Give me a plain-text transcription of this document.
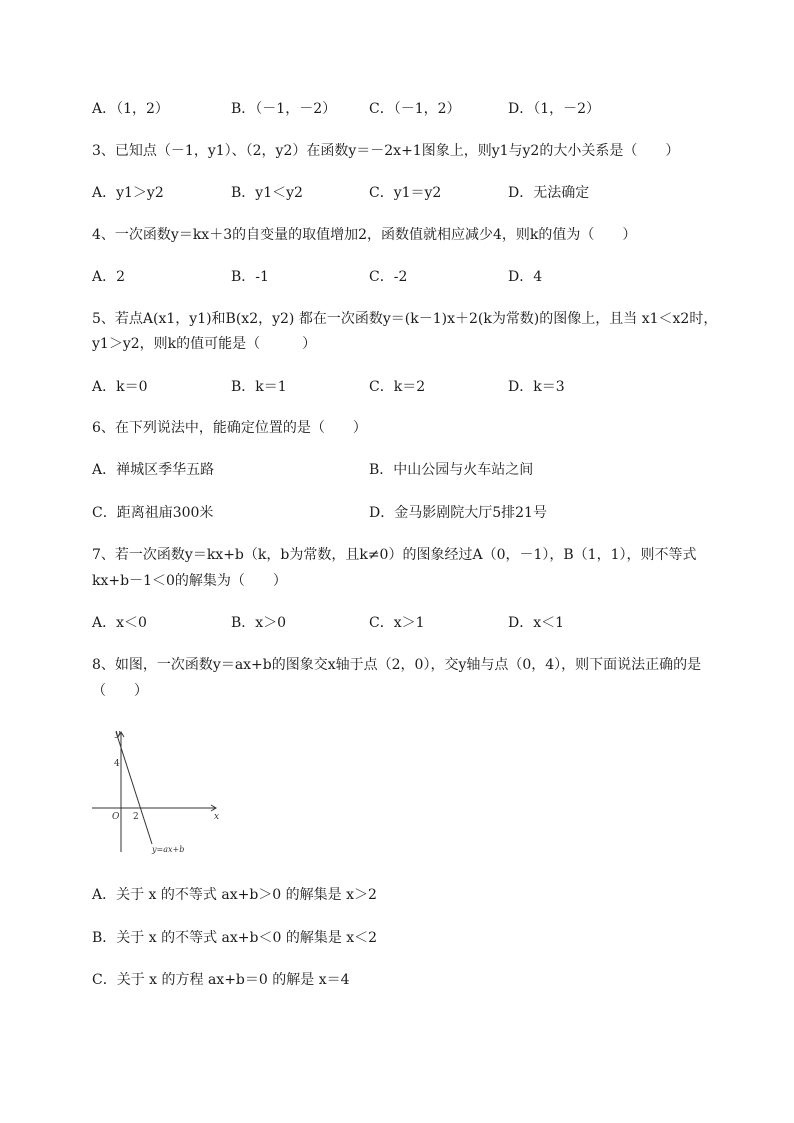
A．（1，2）	B．（－1，－2） C．（－1，2）	D．（1，－2）
3、已知点（－1，y1）、（2，y2）在函数y＝－2x+1图象上，则y1与y2的大小关系是（　　）
A．y1＞y2	B．y1＜y2	C．y1＝y2	D．无法确定
4、一次函数y＝kx＋3的自变量的取值增加2，函数值就相应减少4，则k的值为（　　）
A．2	B．-1	C．-2	D．4
5、若点A(x1，y1)和B(x2，y2) 都在一次函数y＝(k－1)x＋2(k为常数)的图像上，且当 x1＜x2时，
y1＞y2，则k的值可能是（　　　）
A．k＝0	B．k＝1	C．k＝2	D．k＝3
6、在下列说法中，能确定位置的是（　　）
A．禅城区季华五路	B．中山公园与火车站之间
C．距离祖庙300米	D．金马影剧院大厅5排21号
7、若一次函数y＝kx+b（k，b为常数，且k≠0）的图象经过A（0，－1），B（1，1），则不等式
kx+b－1＜0的解集为（　　）
A．x＜0	B．x＞0	C．x＞1	D．x＜1
8、如图，一次函数y＝ax+b的图象交x轴于点（2，0），交y轴与点（0，4），则下面说法正确的是
（　　）
y
x
O
4
2
y=ax+b
A．关于 x 的不等式 ax+b＞0 的解集是 x＞2
B．关于 x 的不等式 ax+b＜0 的解集是 x＜2
C．关于 x 的方程 ax+b＝0 的解是 x＝4
